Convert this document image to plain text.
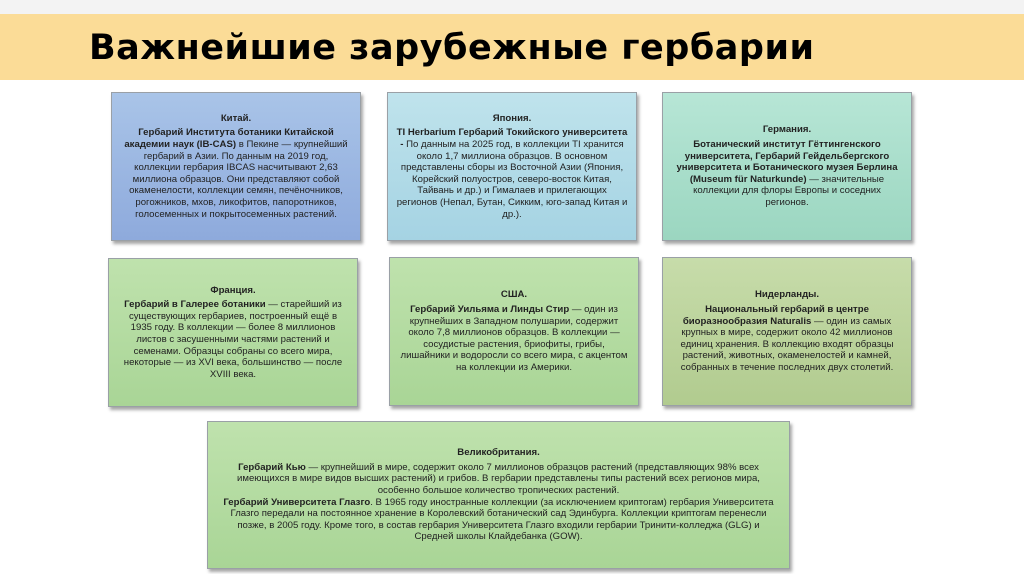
Важнейшие зарубежные гербарии

Китай.

Гербарий Института ботаники Китайской академии наук (IB-CAS) в Пекине — крупнейший гербарий в Азии. По данным на 2019 год, коллекции гербария IBCAS насчитывают 2,63 миллиона образцов. Они представляют собой окаменелости, коллекции семян, печёночников, рогожников, мхов, ликофитов, папоротников, голосеменных и покрытосеменных растений.

Япония.

TI Herbarium Гербарий Токийского университета - По данным на 2025 год, в коллекции TI хранится около 1,7 миллиона образцов. В основном представлены сборы из Восточной Азии (Япония, Корейский полуостров, северо-восток Китая, Тайвань и др.) и Гималаев и прилегающих регионов (Непал, Бутан, Сикким, юго-запад Китая и др.).

Германия.

Ботанический институт Гёттингенского университета, Гербарий Гейдельбергского университета и Ботанического музея Берлина (Museum für Naturkunde) — значительные коллекции для флоры Европы и соседних регионов.

Франция.

Гербарий в Галерее ботаники — старейший из существующих гербариев, построенный ещё в 1935 году. В коллекции — более 8 миллионов листов с засушенными частями растений и семенами. Образцы собраны со всего мира, некоторые — из XVI века, большинство — после XVIII века.

США.

Гербарий Уильяма и Линды Стир — один из крупнейших в Западном полушарии, содержит около 7,8 миллионов образцов. В коллекции — сосудистые растения, бриофиты, грибы, лишайники и водоросли со всего мира, с акцентом на коллекции из Америки.

Нидерланды.

Национальный гербарий в центре биоразнообразия Naturalis — один из самых крупных в мире, содержит около 42 миллионов единиц хранения. В коллекцию входят образцы растений, животных, окаменелостей и камней, собранных в течение последних двух столетий.

Великобритания.

Гербарий Кью — крупнейший в мире, содержит около 7 миллионов образцов растений (представляющих 98% всех имеющихся в мире видов высших растений) и грибов. В гербарии представлены типы растений всех регионов мира, особенно большое количество тропических растений.

Гербарий Университета Глазго. В 1965 году иностранные коллекции (за исключением криптогам) гербария Университета Глазго передали на постоянное хранение в Королевский ботанический сад Эдинбурга. Коллекции криптогам перенесли позже, в 2005 году. Кроме того, в состав гербария Университета Глазго входили гербарии Тринити-колледжа (GLG) и Средней школы Клайдебанка (GOW).
